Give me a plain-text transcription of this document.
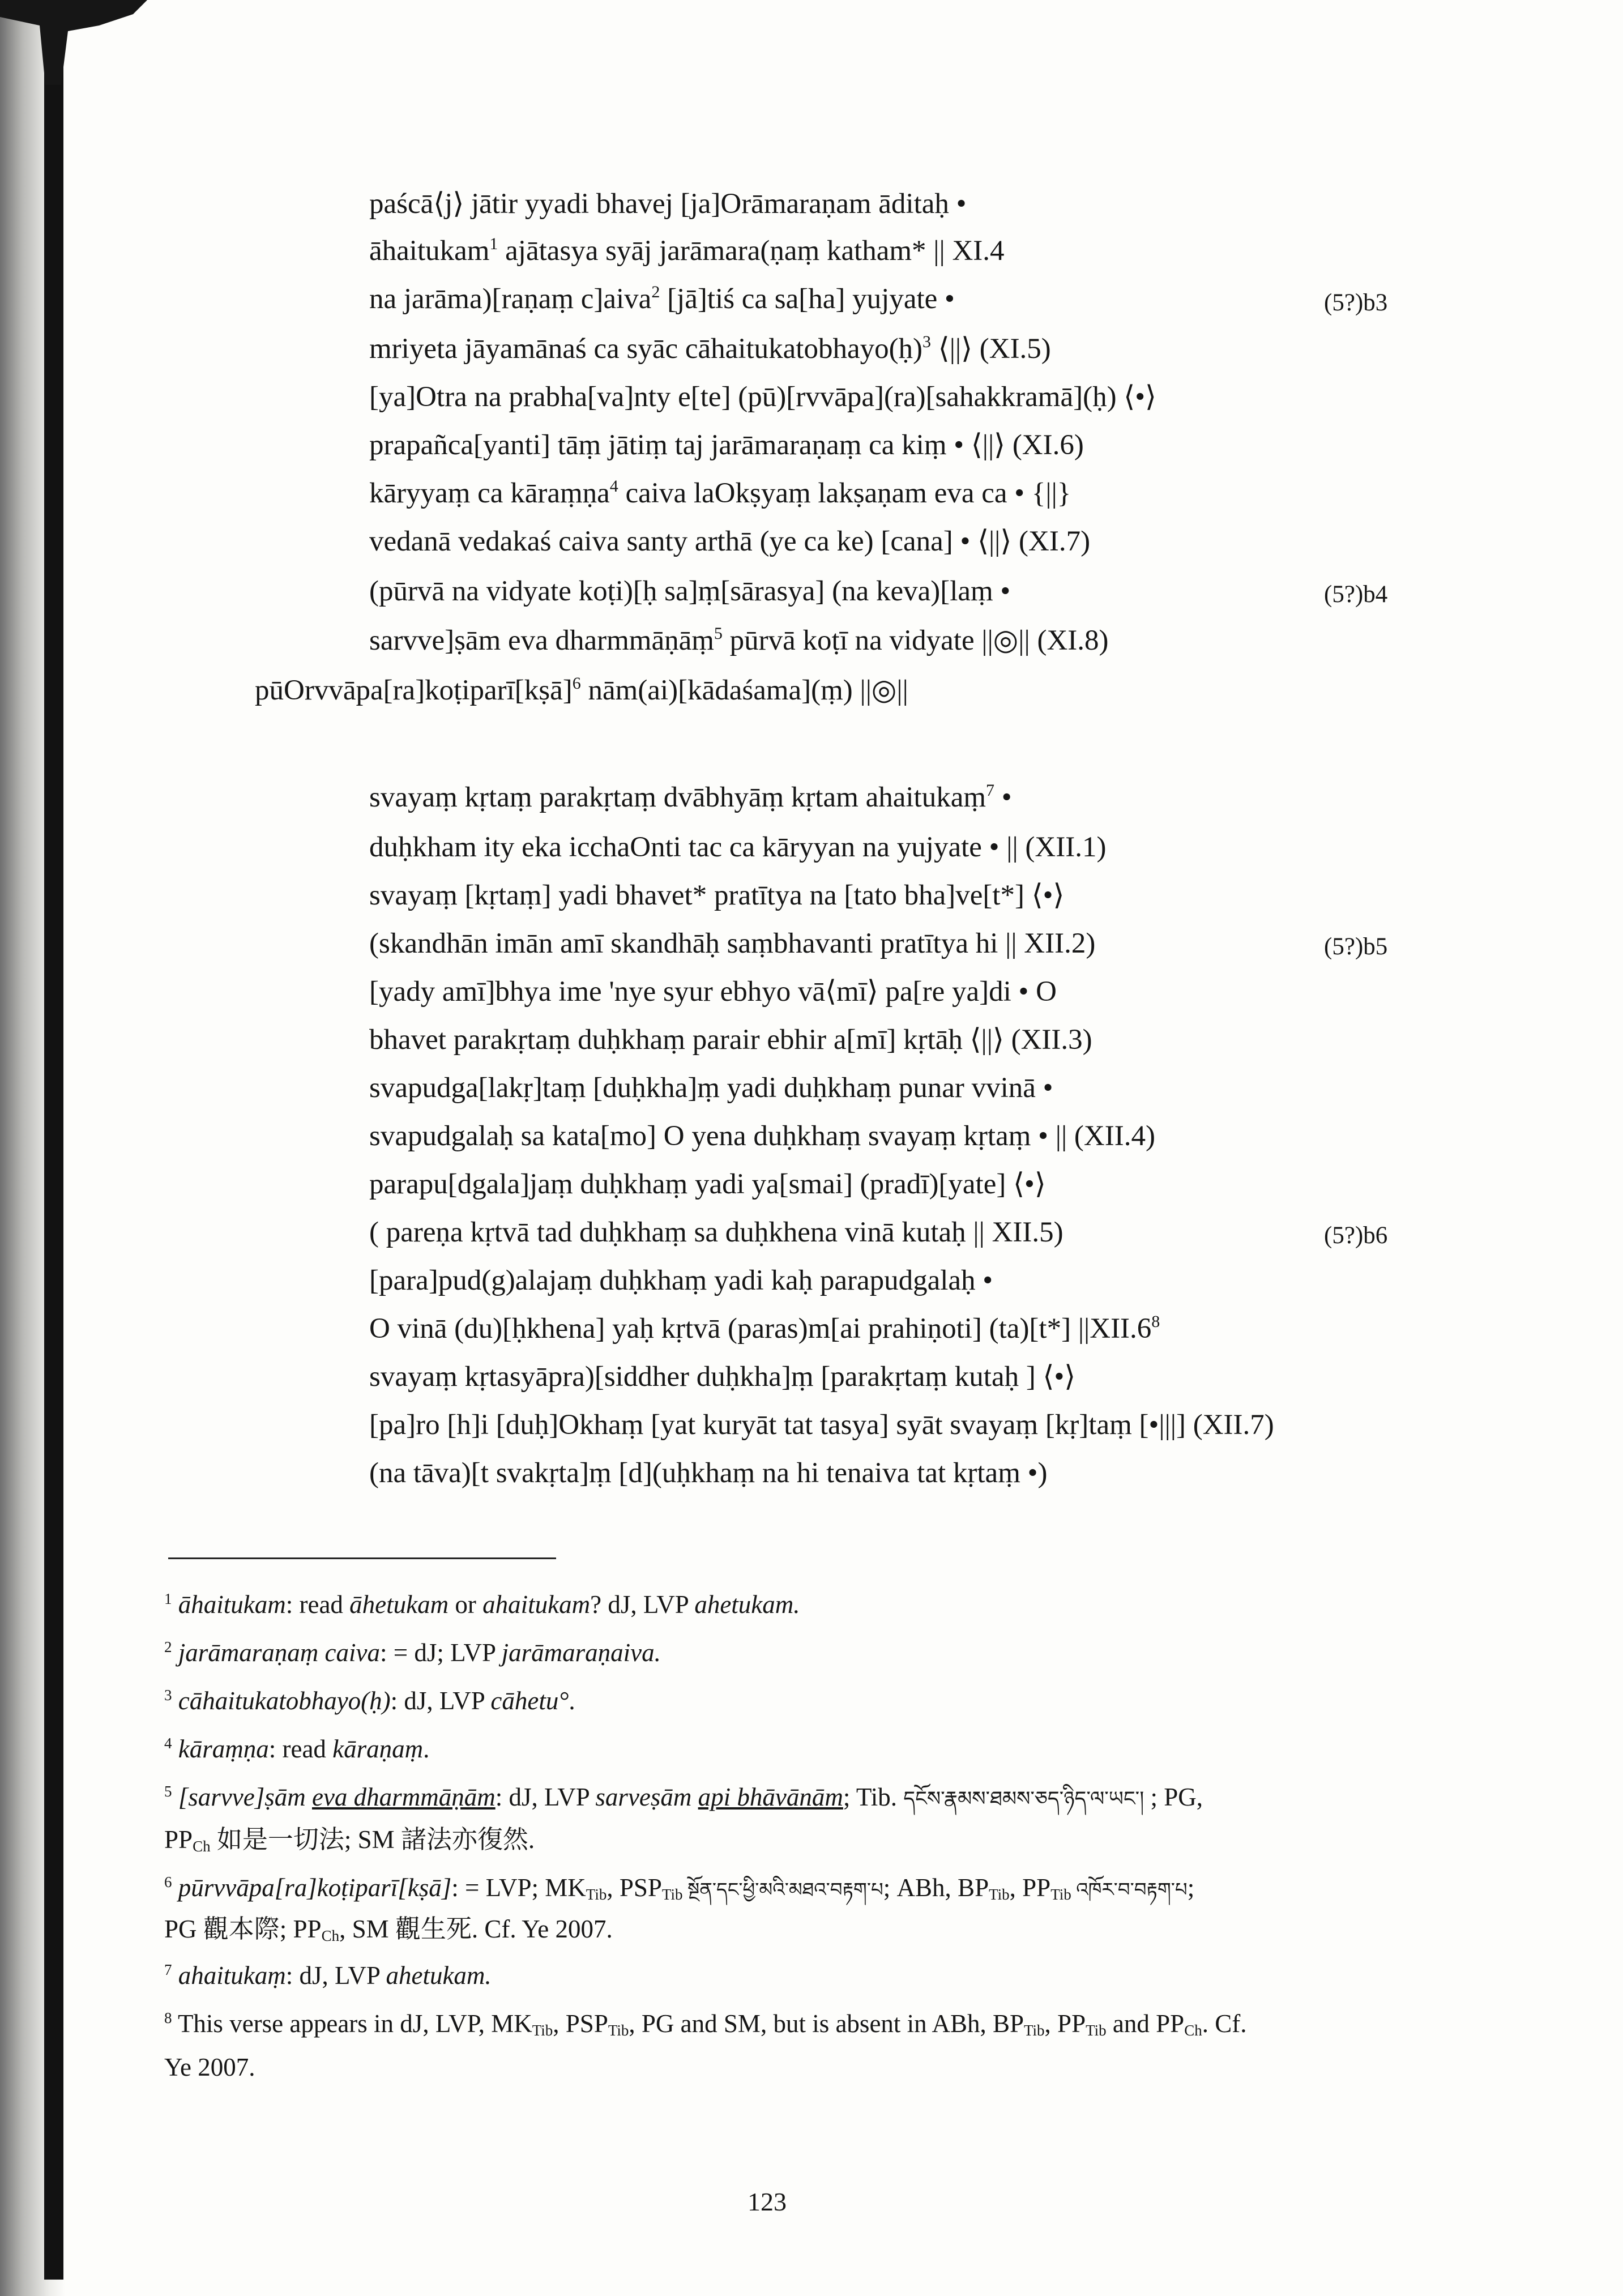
paścā⟨j⟩ jātir yyadi bhavej [ja]Orāmaraṇam āditaḥ •
āhaitukam$^1$ ajātasya syāj jarāmara(ṇaṃ katham* || XI.4
na jarāma)[raṇaṃ c]aiva$^2$ [jā]tiś ca sa[ha] yujyate •	(5?)b3
mriyeta jāyamānaś ca syāc cāhaitukatobhayo(ḥ)$^3$ ⟨||⟩ (XI.5)
[ya]Otra na prabha[va]nty e[te] (pū)[rvvāpa](ra)[sahakkramā](ḥ) ⟨•⟩
prapañca[yanti] tāṃ jātiṃ taj jarāmaraṇaṃ ca kiṃ • ⟨||⟩ (XI.6)
kāryyaṃ ca kāraṃṇa$^4$ caiva laOkṣyaṃ lakṣaṇam eva ca • {||}
vedanā vedakaś caiva santy arthā (ye ca ke) [cana] • ⟨||⟩ (XI.7)
(pūrvā na vidyate koṭi)[ḥ sa]ṃ[sārasya] (na keva)[laṃ •	(5?)b4
sarvve]ṣām eva dharmmāṇāṃ$^5$ pūrvā koṭī na vidyate ||◎|| (XI.8)
pūOrvvāpa[ra]koṭiparī[kṣā]$^6$ nām(ai)[kādaśama](ṃ) ||◎||
svayaṃ kṛtaṃ parakṛtaṃ dvābhyāṃ kṛtam ahaitukaṃ$^7$ •
duḥkham ity eka icchaOnti tac ca kāryyan na yujyate • || (XII.1)
svayaṃ [kṛtaṃ] yadi bhavet* pratītya na [tato bha]ve[t*] ⟨•⟩
(skandhān imān amī skandhāḥ saṃbhavanti pratītya hi || XII.2)	(5?)b5
[yady amī]bhya ime 'nye syur ebhyo vā⟨mī⟩ pa[re ya]di • O
bhavet parakṛtaṃ duḥkhaṃ parair ebhir a[mī] kṛtāḥ ⟨||⟩ (XII.3)
svapudga[lakṛ]taṃ [duḥkha]ṃ yadi duḥkhaṃ punar vvinā •
svapudgalaḥ sa kata[mo] O yena duḥkhaṃ svayaṃ kṛtaṃ • || (XII.4)
parapu[dgala]jaṃ duḥkhaṃ yadi ya[smai] (pradī)[yate] ⟨•⟩
( pareṇa kṛtvā tad duḥkhaṃ sa duḥkhena vinā kutaḥ || XII.5)	(5?)b6
[para]pud(g)alajaṃ duḥkhaṃ yadi kaḥ parapudgalaḥ •
O vinā (du)[ḥkhena] yaḥ kṛtvā (paras)m[ai prahiṇoti] (ta)[t*] $||XII.6^8$
svayaṃ kṛtasyāpra)[siddher duḥkha]ṃ [parakṛtaṃ kutaḥ ] ⟨•⟩
[pa]ro [h]i [duḥ]Okhaṃ [yat kuryāt tat tasya] syāt svayaṃ [kṛ]taṃ [•|||] (XII.7)
(na tāva)[t svakṛta]ṃ [d](uḥkhaṃ na hi tenaiva tat kṛtaṃ •)
$^1$ āhaitukam: read āhetukam or ahaitukam? dJ, LVP ahetukam.
$^2$ jarāmaraṇaṃ caiva: = dJ; LVP jarāmaraṇaiva.
$^3$ cāhaitukatobhayo(ḥ): dJ, LVP cāhetu°.
$^4$ kāraṃṇa: read kāraṇaṃ.
$^5$ [sarvve]ṣām eva dharmmāṇām: dJ, LVP sarveṣām api bhāvānām; Tib. དངོས་རྣམས་ཐམས་ཅད་ཉིད་ལ་ཡང་། ; PG,
$PP_{Ch}$ 如是一切法; SM 諸法亦復然.
$^6$ pūrvvāpa[ra]koṭiparī[kṣā]: = LVP; $MK_{Tib}$, $PSP_{Tib}$ སྔོན་དང་ཕྱི་མའི་མཐའ་བརྟག་པ; ABh, $BP_{Tib}$, $PP_{Tib}$ འཁོར་བ་བརྟག་པ;
PG 觀本際; $PP_{Ch}$, SM 觀生死. Cf. Ye 2007.
$^7$ ahaitukaṃ: dJ, LVP ahetukam.
$^8$ This verse appears in dJ, LVP, $MK_{Tib}$, $PSP_{Tib}$, PG and SM, but is absent in ABh, $BP_{Tib}$, $PP_{Tib}$ and $PP_{Ch}$. Cf.
Ye 2007.
123
